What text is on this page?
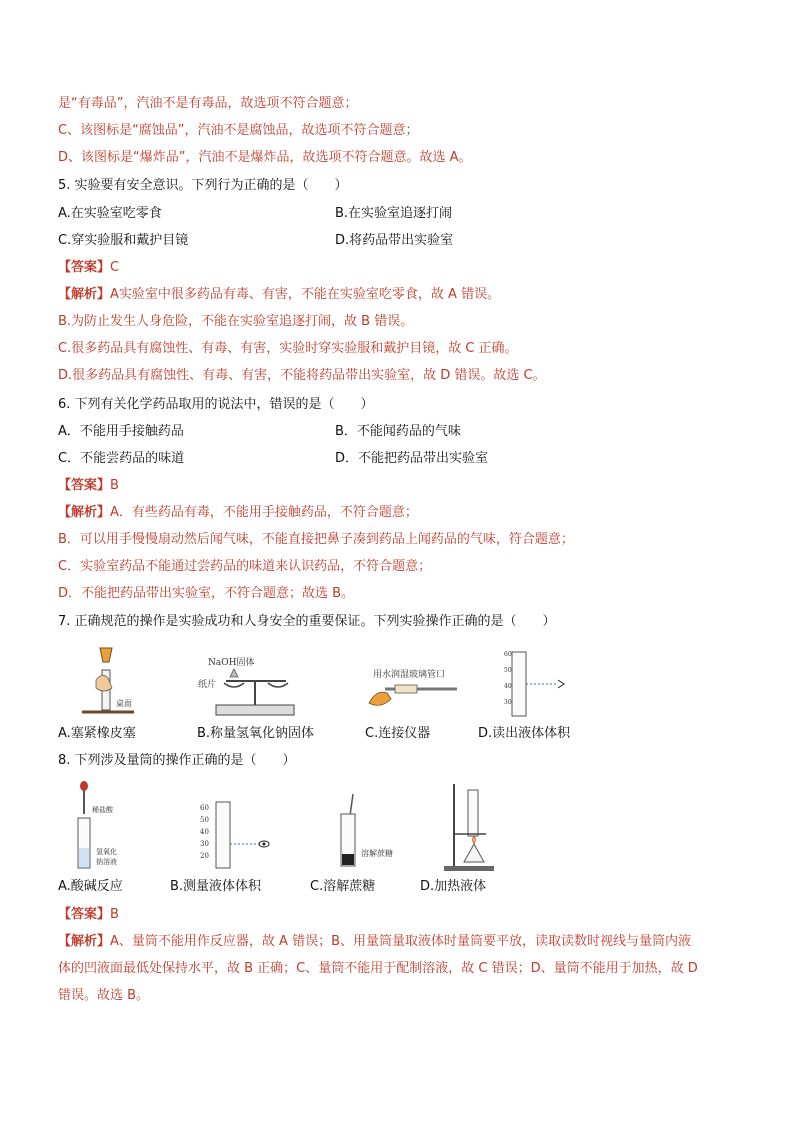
是“有毒品”，汽油不是有毒品，故选项不符合题意；
C、该图标是“腐蚀品”，汽油不是腐蚀品，故选项不符合题意；
D、该图标是“爆炸品”，汽油不是爆炸品，故选项不符合题意。故选 A。
5. 实验要有安全意识。下列行为正确的是（　　）
A.在实验室吃零食	B.在实验室追逐打闹
C.穿实验服和戴护目镜	D.将药品带出实验室
【答案】C
【解析】A实验室中很多药品有毒、有害，不能在实验室吃零食，故 A 错误。
B.为防止发生人身危险，不能在实验室追逐打闹，故 B 错误。
C.很多药品具有腐蚀性、有毒、有害，实验时穿实验服和戴护目镜，故 C 正确。
D.很多药品具有腐蚀性、有毒、有害，不能将药品带出实验室，故 D 错误。故选 C。
6. 下列有关化学药品取用的说法中，错误的是（　　）
A．不能用手接触药品	B．不能闻药品的气味
C．不能尝药品的味道	D．不能把药品带出实验室
【答案】B
【解析】A．有些药品有毒，不能用手接触药品，不符合题意；
B．可以用手慢慢扇动然后闻气味，不能直接把鼻子凑到药品上闻药品的气味，符合题意；
C．实验室药品不能通过尝药品的味道来认识药品，不符合题意；
D．不能把药品带出实验室，不符合题意；故选 B。
7. 正确规范的操作是实验成功和人身安全的重要保证。下列实验操作正确的是（　　）
桌面
NaOH固体
纸片
用水润湿玻璃管口
60
50
40
30
A.塞紧橡皮塞	B.称量氢氧化钠固体	C.连接仪器	D.读出液体体积
8. 下列涉及量筒的操作正确的是（　　）
稀盐酸
氢氧化
钠溶液
60
50
40
30
20	溶解蔗糖
A.酸碱反应	B.测量液体体积	C.溶解蔗糖	D.加热液体
【答案】B
【解析】A、量筒不能用作反应器，故 A 错误；B、用量筒量取液体时量筒要平放，读取读数时视线与量筒内液
体的凹液面最低处保持水平，故 B 正确；C、量筒不能用于配制溶液，故 C 错误；D、量筒不能用于加热，故 D
错误。故选 B。
